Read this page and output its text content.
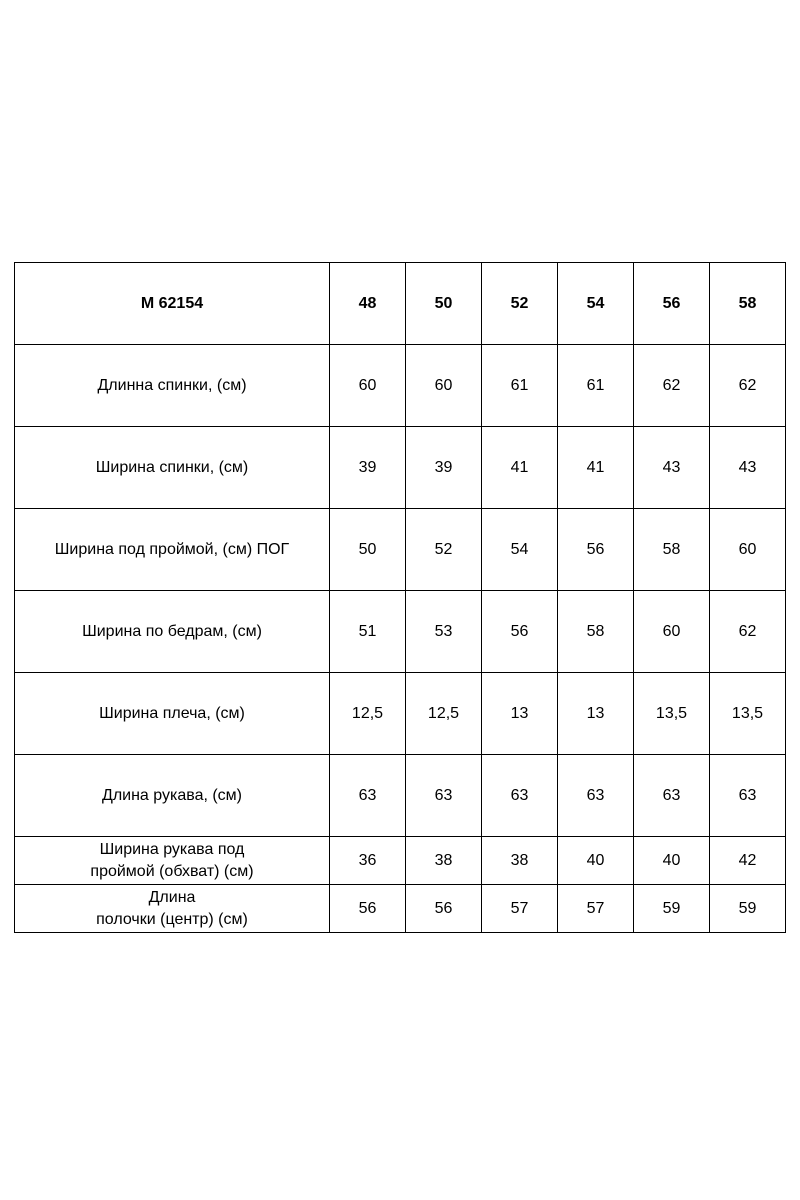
M 62154	48	50	52	54	56	58
Длинна спинки, (см)	60	60	61	61	62	62
Ширина спинки, (см)	39	39	41	41	43	43
Ширина под проймой, (см) ПОГ	50	52	54	56	58	60
Ширина по бедрам, (см)	51	53	56	58	60	62
Ширина плеча, (см)	12,5	12,5	13	13	13,5	13,5
Длина рукава, (см)	63	63	63	63	63	63
Ширина рукава под
проймой (обхват) (см)	36	38	38	40	40	42
Длина
полочки (центр) (см)	56	56	57	57	59	59
